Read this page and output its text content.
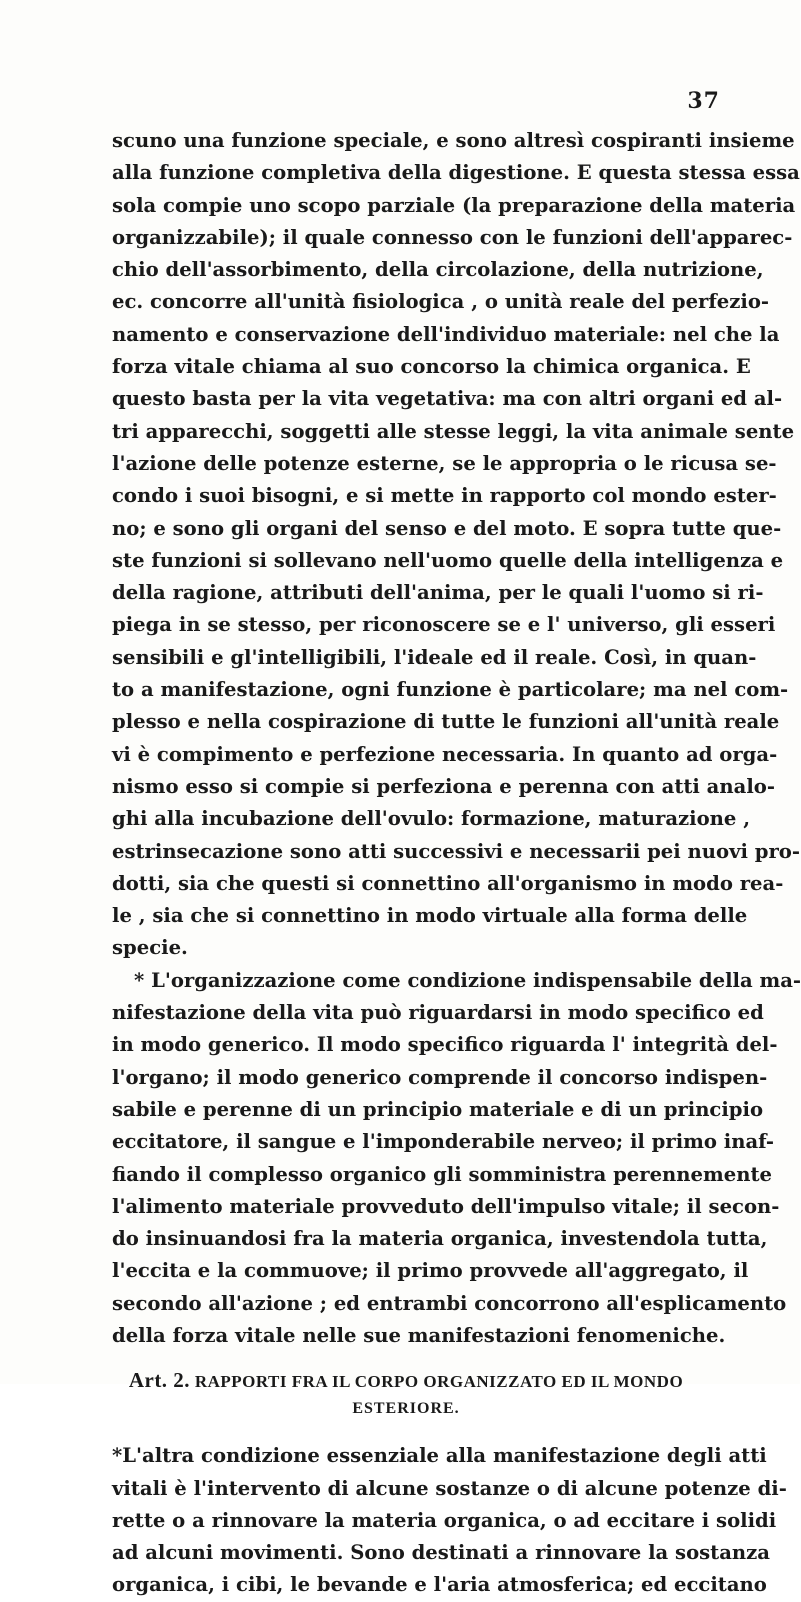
37
scuno una funzione speciale, e sono altresì cospiranti insieme
alla funzione completiva della digestione. E questa stessa essa
sola compie uno scopo parziale (la preparazione della materia
organizzabile); il quale connesso con le funzioni dell'apparec-
chio dell'assorbimento, della circolazione, della nutrizione,
ec. concorre all'unità fisiologica , o unità reale del perfezio-
namento e conservazione dell'individuo materiale: nel che la
forza vitale chiama al suo concorso la chimica organica. E
questo basta per la vita vegetativa: ma con altri organi ed al-
tri apparecchi, soggetti alle stesse leggi, la vita animale sente
l'azione delle potenze esterne, se le appropria o le ricusa se-
condo i suoi bisogni, e si mette in rapporto col mondo ester-
no; e sono gli organi del senso e del moto. E sopra tutte que-
ste funzioni si sollevano nell'uomo quelle della intelligenza e
della ragione, attributi dell'anima, per le quali l'uomo si ri-
piega in se stesso, per riconoscere se e l' universo, gli esseri
sensibili e gl'intelligibili, l'ideale ed il reale. Così, in quan-
to a manifestazione, ogni funzione è particolare; ma nel com-
plesso e nella cospirazione di tutte le funzioni all'unità reale
vi è compimento e perfezione necessaria. In quanto ad orga-
nismo esso si compie si perfeziona e perenna con atti analo-
ghi alla incubazione dell'ovulo: formazione, maturazione ,
estrinsecazione sono atti successivi e necessarii pei nuovi pro-
dotti, sia che questi si connettino all'organismo in modo rea-
le , sia che si connettino in modo virtuale alla forma delle
specie.
* L'organizzazione come condizione indispensabile della ma-
nifestazione della vita può riguardarsi in modo specifico ed
in modo generico. Il modo specifico riguarda l' integrità del-
l'organo; il modo generico comprende il concorso indispen-
sabile e perenne di un principio materiale e di un principio
eccitatore, il sangue e l'imponderabile nerveo; il primo inaf-
fiando il complesso organico gli somministra perennemente
l'alimento materiale provveduto dell'impulso vitale; il secon-
do insinuandosi fra la materia organica, investendola tutta,
l'eccita e la commuove; il primo provvede all'aggregato, il
secondo all'azione ; ed entrambi concorrono all'esplicamento
della forza vitale nelle sue manifestazioni fenomeniche.
Art. 2. RAPPORTI FRA IL CORPO ORGANIZZATO ED IL MONDO
ESTERIORE.
*L'altra condizione essenziale alla manifestazione degli atti
vitali è l'intervento di alcune sostanze o di alcune potenze di-
rette o a rinnovare la materia organica, o ad eccitare i solidi
ad alcuni movimenti. Sono destinati a rinnovare la sostanza
organica, i cibi, le bevande e l'aria atmosferica; ed eccitano
